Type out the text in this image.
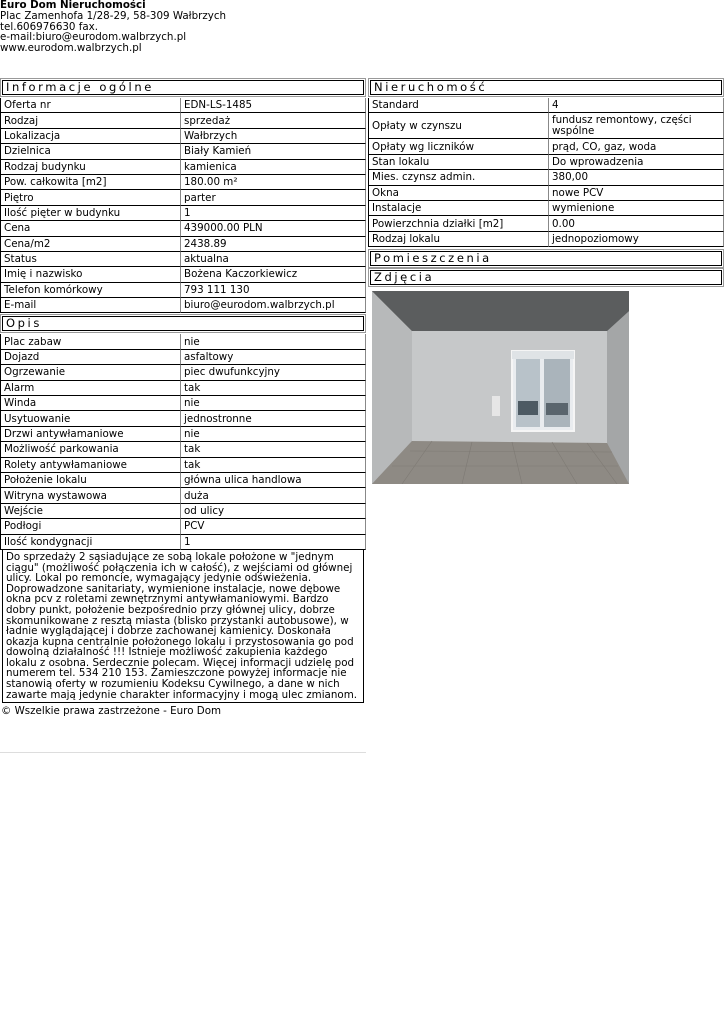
Euro Dom Nieruchomości
Plac Zamenhofa 1/28-29, 58-309 Wałbrzych
tel.606976630 fax.
e-mail:biuro@eurodom.walbrzych.pl
www.eurodom.walbrzych.pl
Informacje ogólne
Oferta nr	EDN-LS-1485
Rodzaj	sprzedaż
Lokalizacja	Wałbrzych
Dzielnica	Biały Kamień
Rodzaj budynku	kamienica
Pow. całkowita [m2]	180.00 m²
Piętro	parter
Ilość pięter w budynku	1
Cena	439000.00 PLN
Cena/m2	2438.89
Status	aktualna
Imię i nazwisko	Bożena Kaczorkiewicz
Telefon komórkowy	793 111 130
E-mail	biuro@eurodom.walbrzych.pl
Opis
Plac zabaw	nie
Dojazd	asfaltowy
Ogrzewanie	piec dwufunkcyjny
Alarm	tak
Winda	nie
Usytuowanie	jednostronne
Drzwi antywłamaniowe	nie
Możliwość parkowania	tak
Rolety antywłamaniowe	tak
Położenie lokalu	główna ulica handlowa
Witryna wystawowa	duża
Wejście	od ulicy
Podłogi	PCV
Ilość kondygnacji	1
Do sprzedaży 2 sąsiadujące ze sobą lokale położone w "jednym ciągu" (możliwość połączenia ich w całość), z wejściami od głównej ulicy. Lokal po remoncie, wymagający jedynie odświeżenia. Doprowadzone sanitariaty, wymienione instalacje, nowe dębowe okna pcv z roletami zewnętrznymi antywłamaniowymi. Bardzo dobry punkt, położenie bezpośrednio przy głównej ulicy, dobrze skomunikowane z resztą miasta (blisko przystanki autobusowe), w ładnie wyglądającej i dobrze zachowanej kamienicy. Doskonała okazja kupna centralnie położonego lokalu i przystosowania go pod dowolną działalność !!! Istnieje możliwość zakupienia każdego lokalu z osobna. Serdecznie polecam. Więcej informacji udzielę pod numerem tel. 534 210 153. Zamieszczone powyżej informacje nie stanowią oferty w rozumieniu Kodeksu Cywilnego, a dane w nich zawarte mają jedynie charakter informacyjny i mogą ulec zmianom.
© Wszelkie prawa zastrzeżone - Euro Dom
Nieruchomość
Standard	4
Opłaty w czynszu	fundusz remontowy, części wspólne
Opłaty wg liczników	prąd, CO, gaz, woda
Stan lokalu	Do wprowadzenia
Mies. czynsz admin.	380,00
Okna	nowe PCV
Instalacje	wymienione
Powierzchnia działki [m2]	0.00
Rodzaj lokalu	jednopoziomowy
Pomieszczenia
Zdjęcia
